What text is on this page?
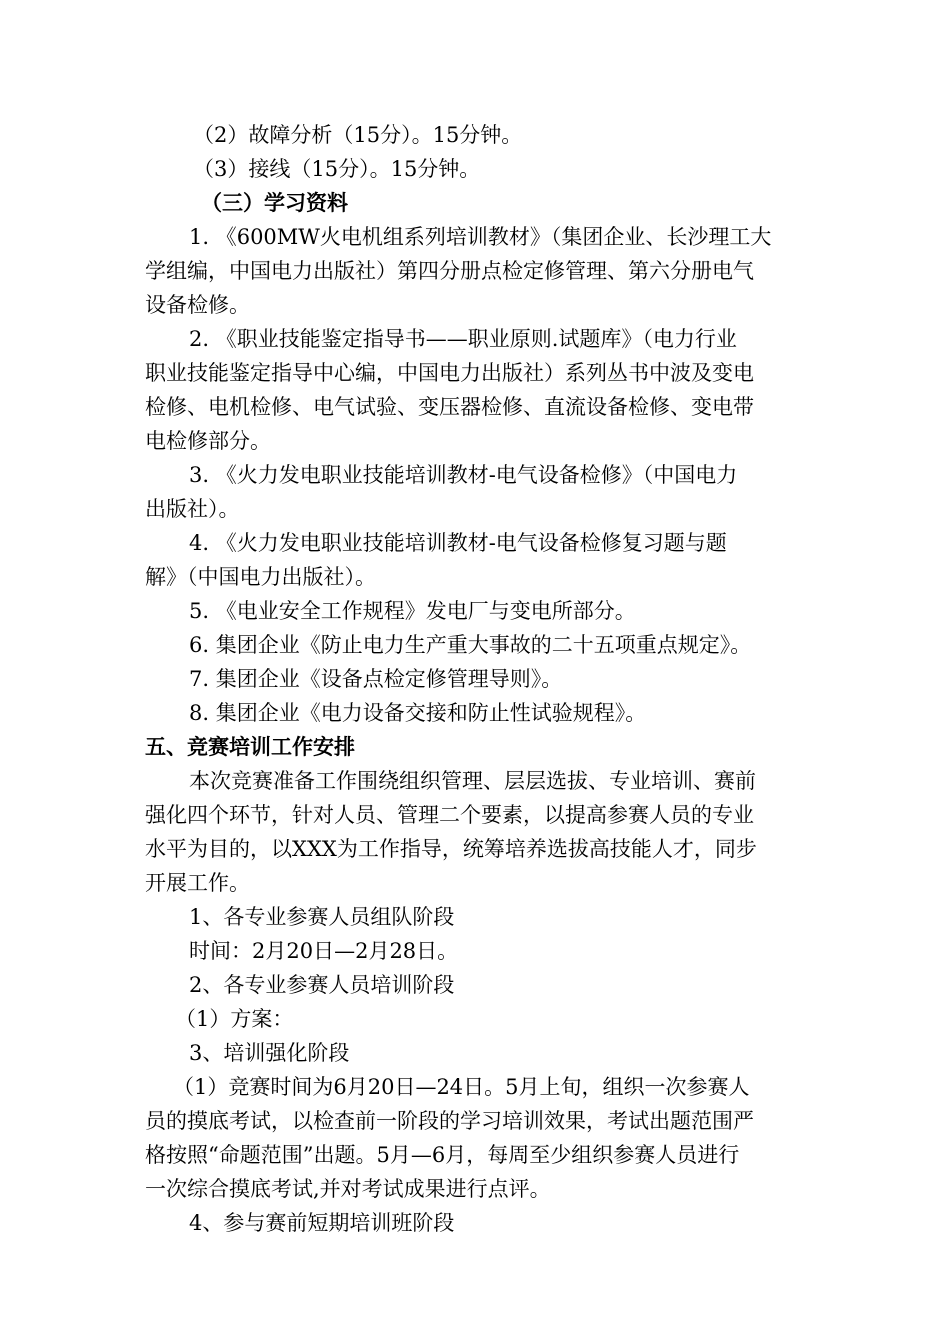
（2）故障分析（15分）。15分钟。
（3）接线（15分）。15分钟。
（三）学习资料
1. 《600MW火电机组系列培训教材》（集团企业、长沙理工大
学组编，中国电力出版社）第四分册点检定修管理、第六分册电气
设备检修。
2. 《职业技能鉴定指导书——职业原则.试题库》（电力行业
职业技能鉴定指导中心编，中国电力出版社）系列丛书中波及变电
检修、电机检修、电气试验、变压器检修、直流设备检修、变电带
电检修部分。
3. 《火力发电职业技能培训教材-电气设备检修》（中国电力
出版社）。
4. 《火力发电职业技能培训教材-电气设备检修复习题与题
解》（中国电力出版社）。
5. 《电业安全工作规程》发电厂与变电所部分。
6. 集团企业《防止电力生产重大事故的二十五项重点规定》。
7. 集团企业《设备点检定修管理导则》。
8. 集团企业《电力设备交接和防止性试验规程》。
五、竞赛培训工作安排
本次竞赛准备工作围绕组织管理、层层选拔、专业培训、赛前
强化四个环节，针对人员、管理二个要素，以提高参赛人员的专业
水平为目的，以XXX为工作指导，统筹培养选拔高技能人才，同步
开展工作。
1、各专业参赛人员组队阶段
时间：2月20日—2月28日。
2、各专业参赛人员培训阶段
（1）方案：
3、培训强化阶段
（1）竞赛时间为6月20日—24日。5月上旬，组织一次参赛人
员的摸底考试，以检查前一阶段的学习培训效果，考试出题范围严
格按照“命题范围”出题。5月—6月，每周至少组织参赛人员进行
一次综合摸底考试,并对考试成果进行点评。
4、参与赛前短期培训班阶段
